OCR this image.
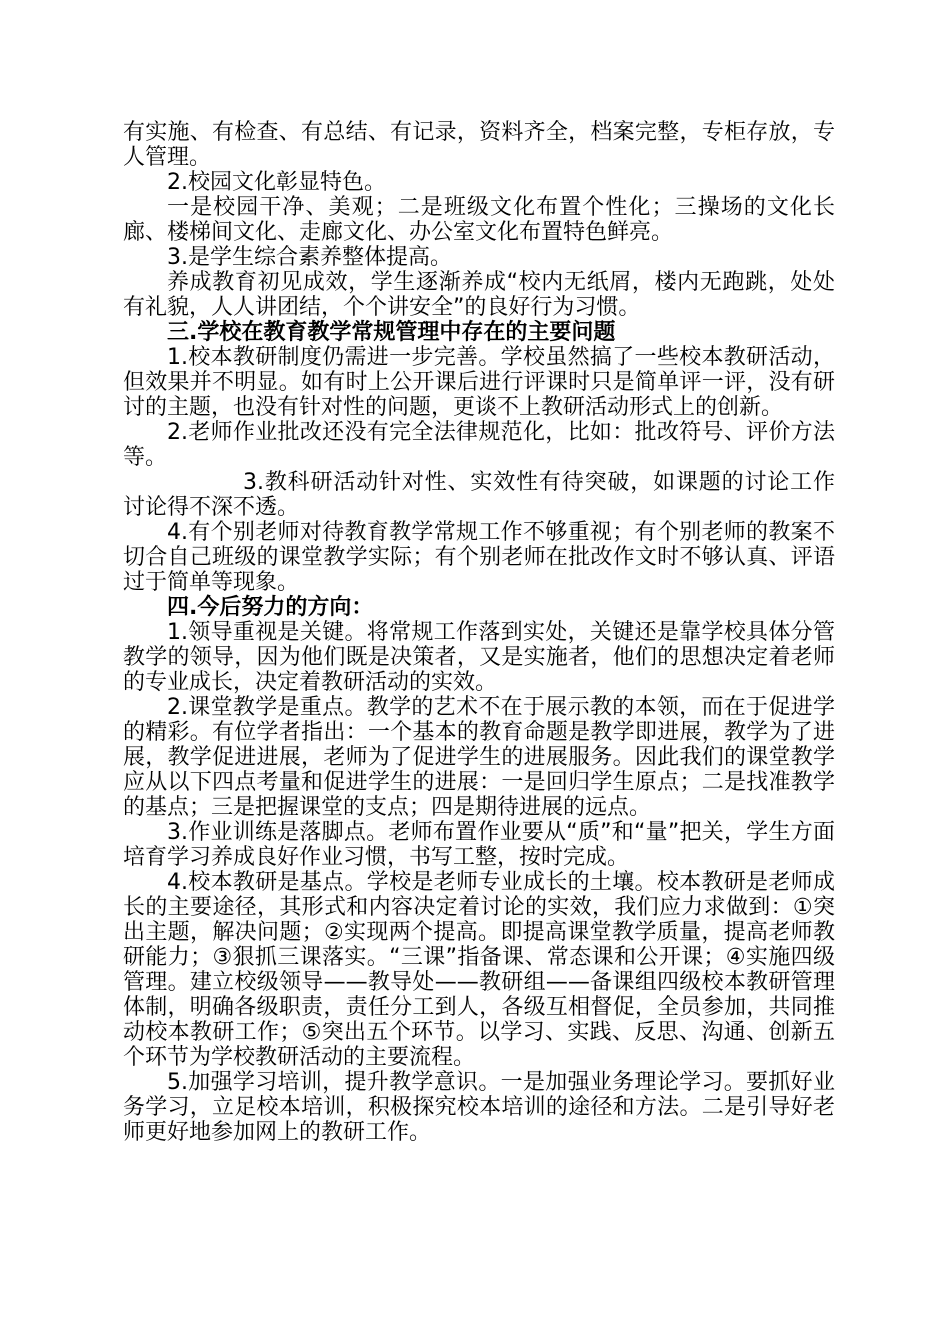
有实施、有检查、有总结、有记录，资料齐全，档案完整，专柜存放，专人管理。

2.校园文化彰显特色。

一是校园干净、美观；二是班级文化布置个性化；三操场的文化长廊、楼梯间文化、走廊文化、办公室文化布置特色鲜亮。

3.是学生综合素养整体提高。

养成教育初见成效，学生逐渐养成“校内无纸屑，楼内无跑跳，处处有礼貌，人人讲团结，个个讲安全”的良好行为习惯。

三.学校在教育教学常规管理中存在的主要问题

1.校本教研制度仍需进一步完善。学校虽然搞了一些校本教研活动，但效果并不明显。如有时上公开课后进行评课时只是简单评一评，没有研讨的主题，也没有针对性的问题，更谈不上教研活动形式上的创新。

2.老师作业批改还没有完全法律规范化，比如：批改符号、评价方法等。

3.教科研活动针对性、实效性有待突破，如课题的讨论工作讨论得不深不透。

4.有个别老师对待教育教学常规工作不够重视；有个别老师的教案不切合自己班级的课堂教学实际；有个别老师在批改作文时不够认真、评语过于简单等现象。

四.今后努力的方向：

1.领导重视是关键。将常规工作落到实处，关键还是靠学校具体分管教学的领导，因为他们既是决策者，又是实施者，他们的思想决定着老师的专业成长，决定着教研活动的实效。

2.课堂教学是重点。教学的艺术不在于展示教的本领，而在于促进学的精彩。有位学者指出：一个基本的教育命题是教学即进展，教学为了进展，教学促进进展，老师为了促进学生的进展服务。因此我们的课堂教学应从以下四点考量和促进学生的进展：一是回归学生原点；二是找准教学的基点；三是把握课堂的支点；四是期待进展的远点。

3.作业训练是落脚点。老师布置作业要从“质”和“量”把关，学生方面培育学习养成良好作业习惯，书写工整，按时完成。

4.校本教研是基点。学校是老师专业成长的土壤。校本教研是老师成长的主要途径，其形式和内容决定着讨论的实效，我们应力求做到：①突出主题，解决问题；②实现两个提高。即提高课堂教学质量，提高老师教研能力；③狠抓三课落实。“三课”指备课、常态课和公开课；④实施四级管理。建立校级领导——教导处——教研组——备课组四级校本教研管理体制，明确各级职责，责任分工到人，各级互相督促，全员参加，共同推动校本教研工作；⑤突出五个环节。以学习、实践、反思、沟通、创新五个环节为学校教研活动的主要流程。

5.加强学习培训，提升教学意识。一是加强业务理论学习。要抓好业务学习，立足校本培训，积极探究校本培训的途径和方法。二是引导好老师更好地参加网上的教研工作。
